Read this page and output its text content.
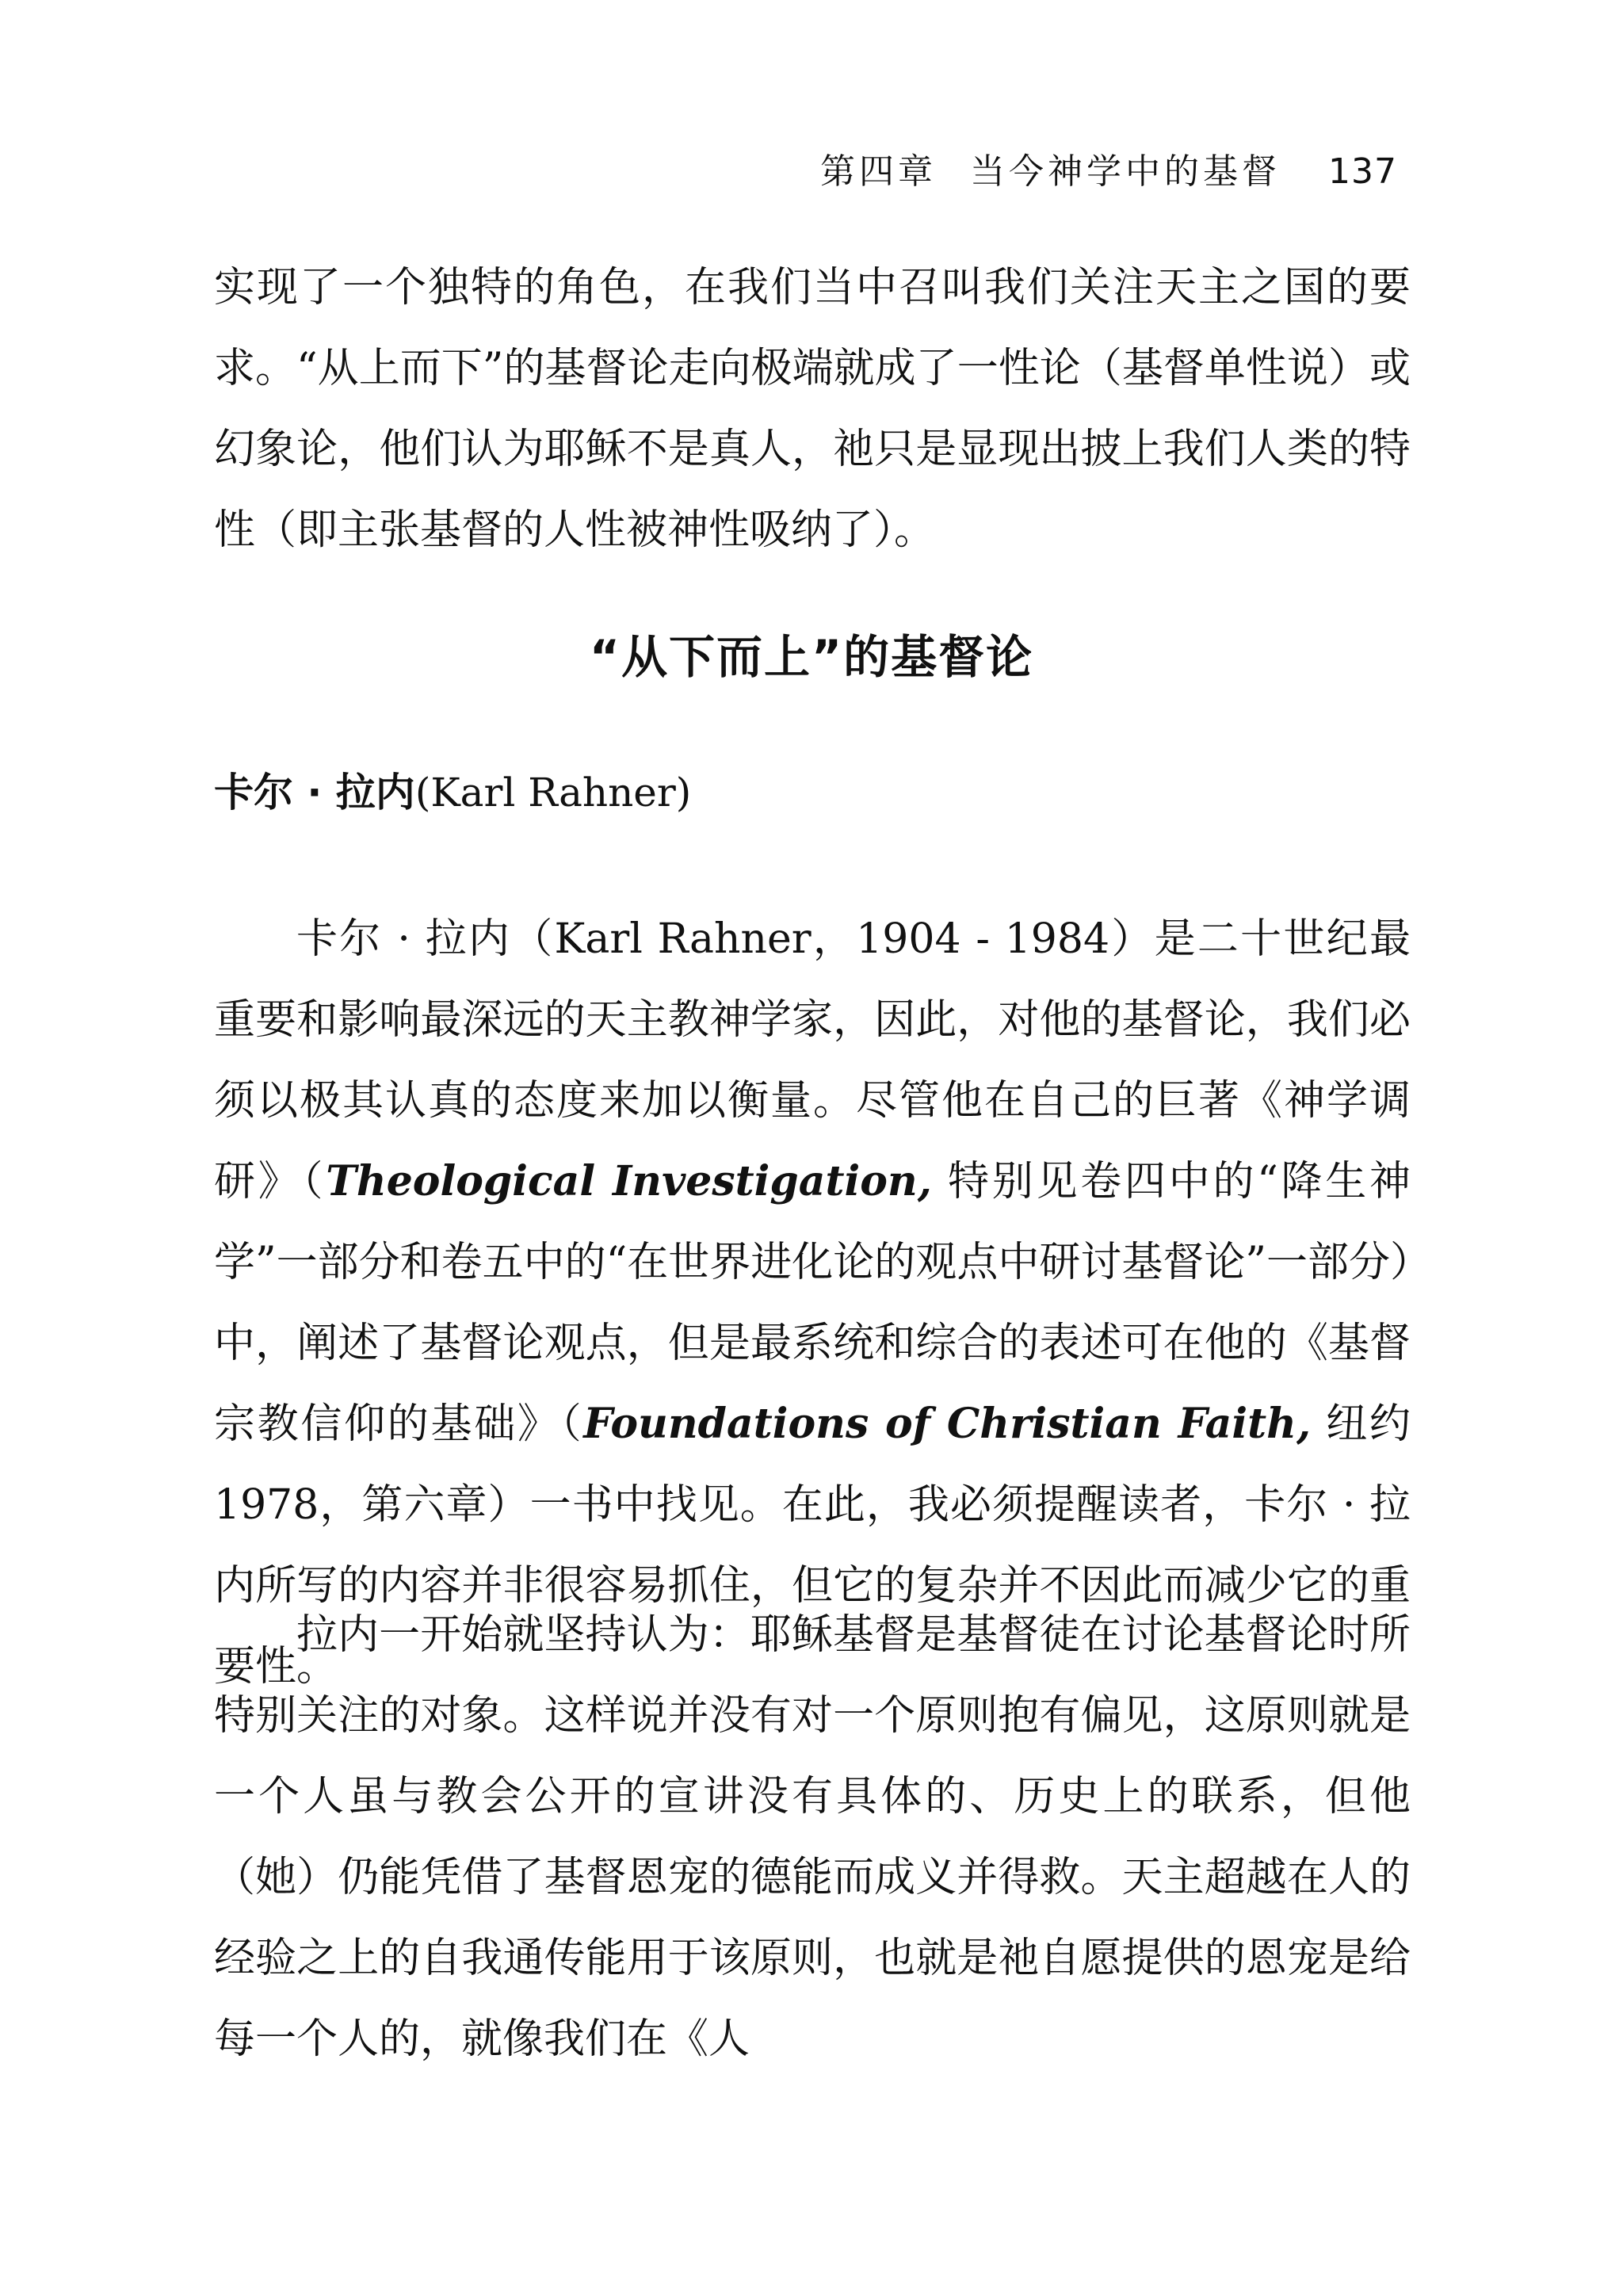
第四章 当今神学中的基督 137

实现了一个独特的角色，在我们当中召叫我们关注天主之国的要求。“从上而下”的基督论走向极端就成了一性论（基督单性说）或幻象论，他们认为耶稣不是真人，祂只是显现出披上我们人类的特性（即主张基督的人性被神性吸纳了）。

“从下而上”的基督论
卡尔 · 拉内(Karl Rahner)

卡尔 · 拉内（Karl Rahner，1904 - 1984）是二十世纪最重要和影响最深远的天主教神学家，因此，对他的基督论，我们必须以极其认真的态度来加以衡量。尽管他在自己的巨著《神学调研》（Theological Investigation, 特别见卷四中的“降生神学”一部分和卷五中的“在世界进化论的观点中研讨基督论”一部分）中，阐述了基督论观点，但是最系统和综合的表述可在他的《基督宗教信仰的基础》（Foundations of Christian Faith, 纽约 1978，第六章）一书中找见。在此，我必须提醒读者，卡尔 · 拉内所写的内容并非很容易抓住，但它的复杂并不因此而减少它的重要性。

拉内一开始就坚持认为：耶稣基督是基督徒在讨论基督论时所特别关注的对象。这样说并没有对一个原则抱有偏见，这原则就是一个人虽与教会公开的宣讲没有具体的、历史上的联系，但他（她）仍能凭借了基督恩宠的德能而成义并得救。天主超越在人的经验之上的自我通传能用于该原则，也就是祂自愿提供的恩宠是给每一个人的，就像我们在《人
